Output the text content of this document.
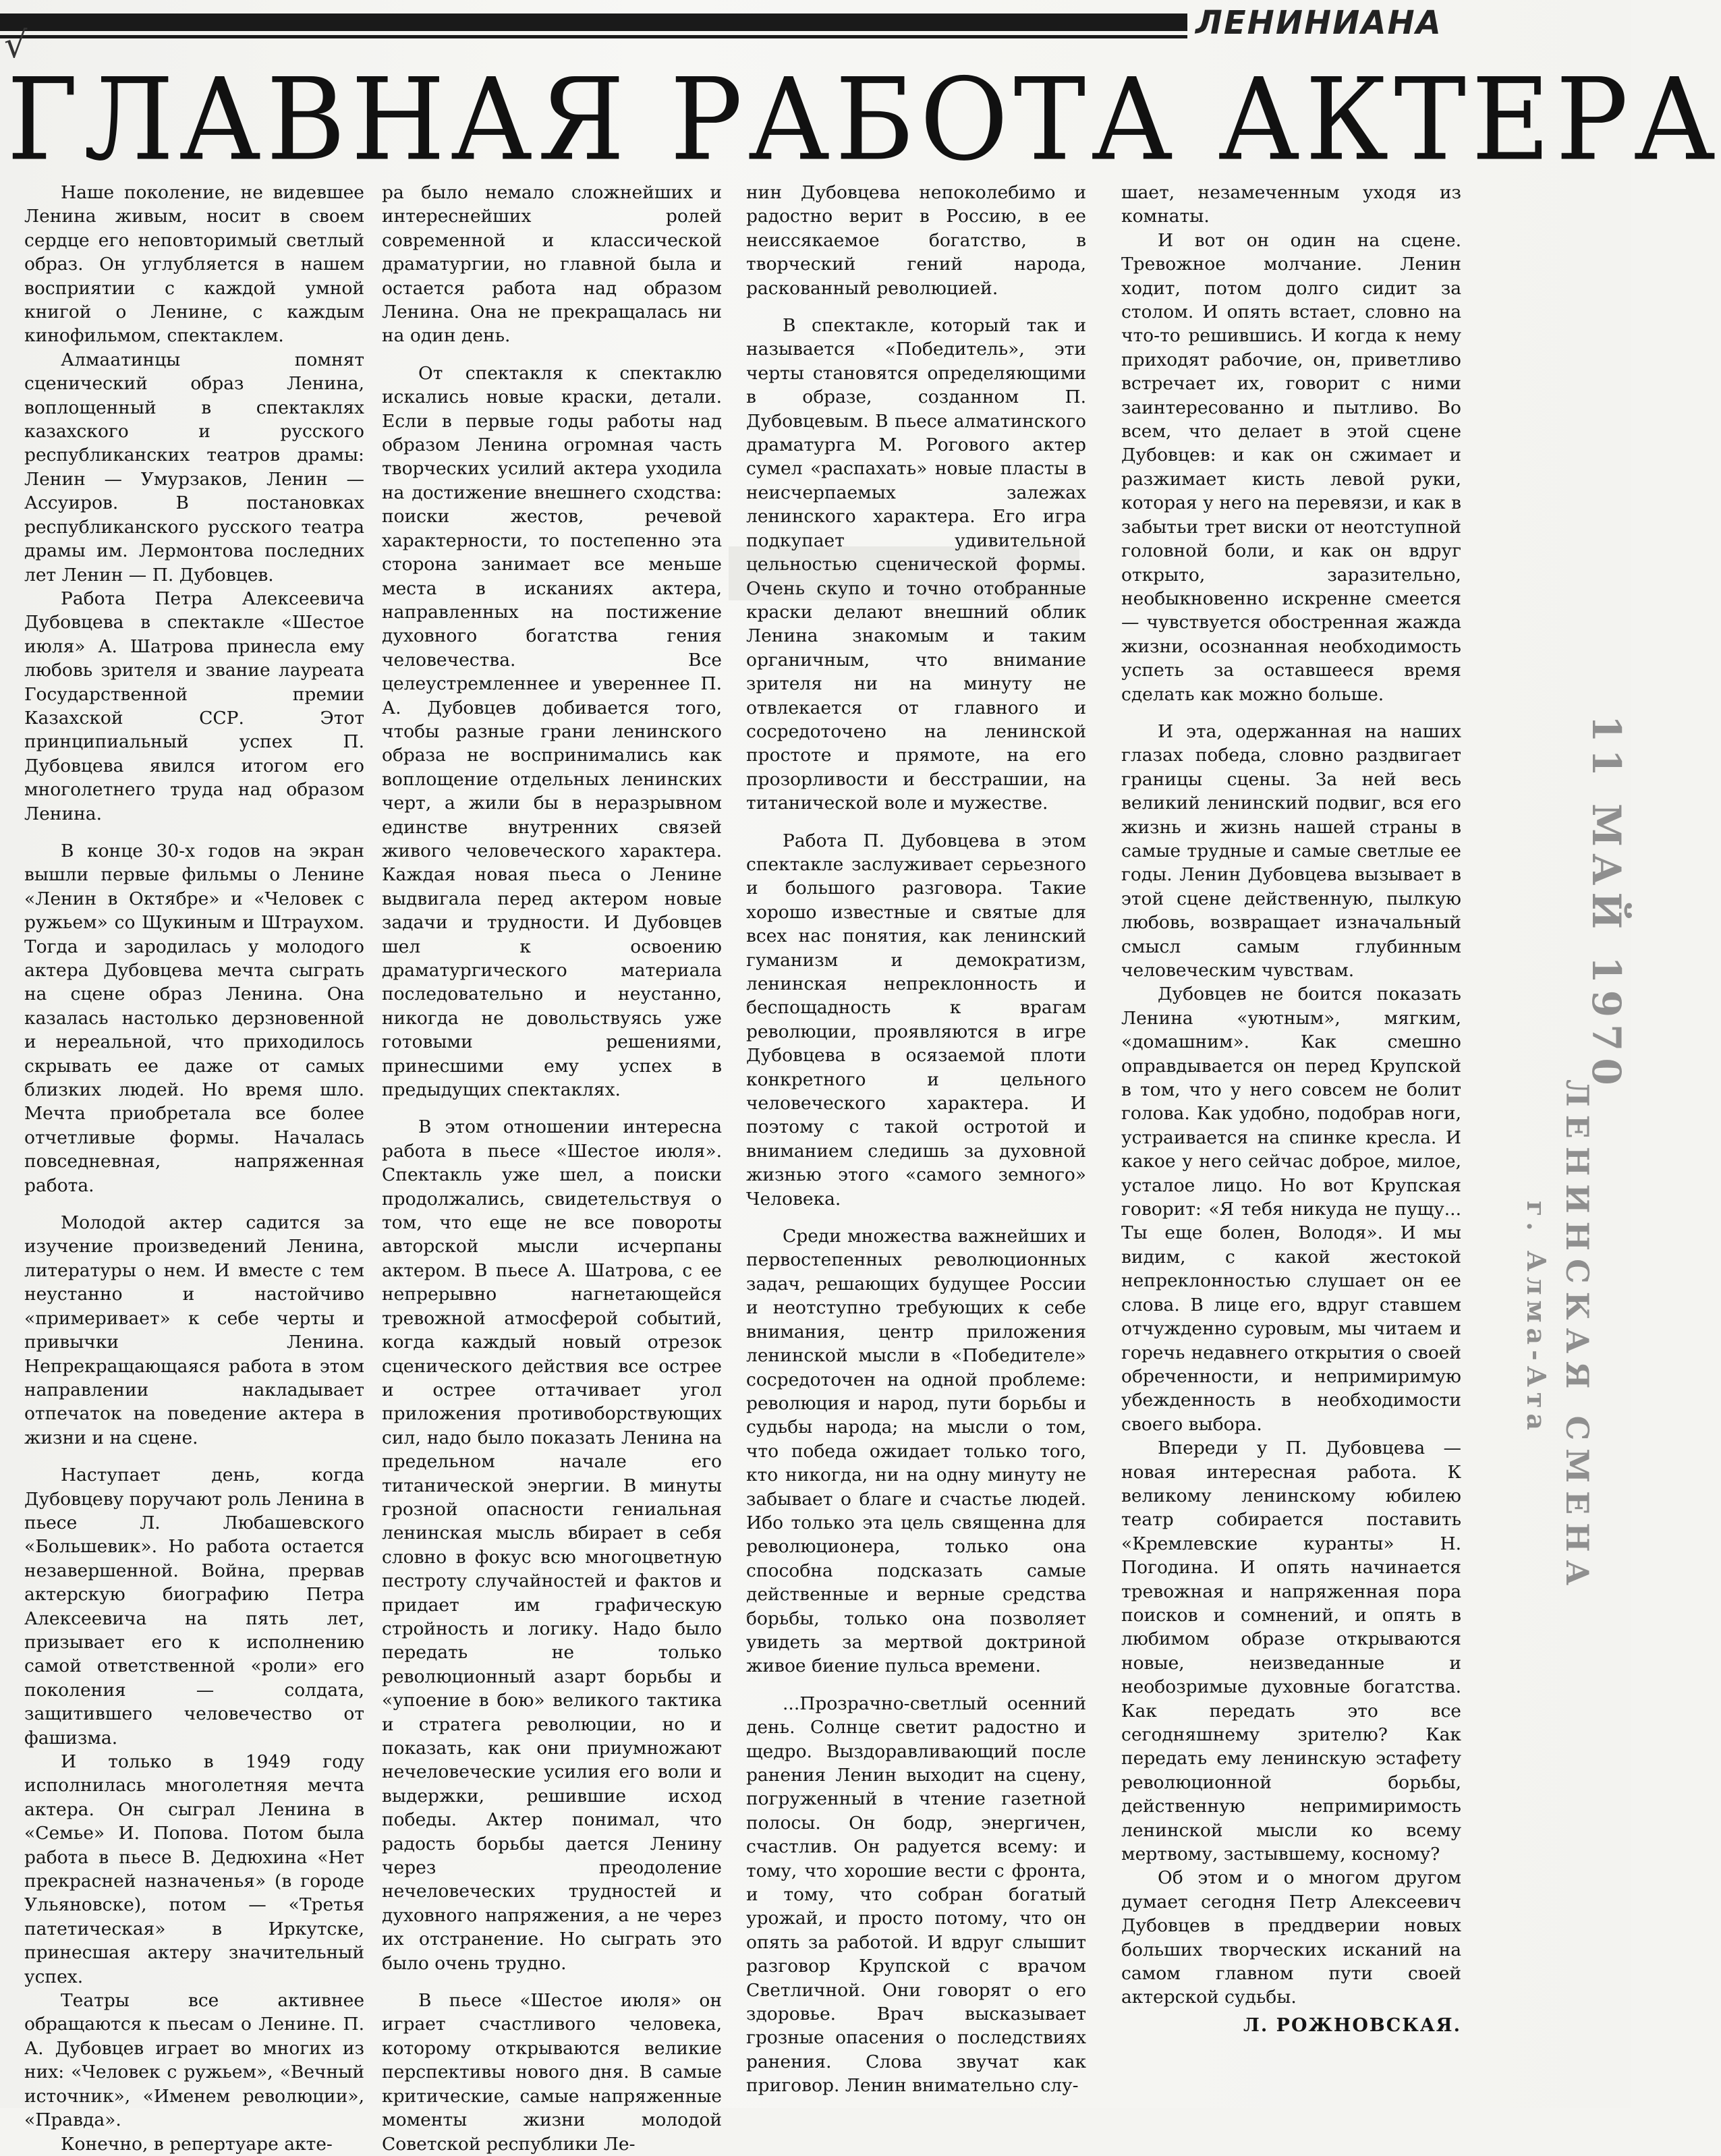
ЛЕНИНИАНА
√
ГЛАВНАЯ РАБОТА АКТЕРА

Наше поколение, не видевшее Ленина живым, носит в своем сердце его неповторимый светлый образ. Он углубляется в нашем восприятии с каждой умной книгой о Ленине, с каждым кинофильмом, спектаклем.

Алмаатинцы помнят сценический образ Ленина, воплощенный в спектаклях казахского и русского республиканских театров драмы: Ленин — Умурзаков, Ленин — Ассуиров. В постановках республиканского русского театра драмы им. Лермонтова последних лет Ленин — П. Дубовцев.

Работа Петра Алексеевича Дубовцева в спектакле «Шестое июля» А. Шатрова принесла ему любовь зрителя и звание лауреата Государственной премии Казахской ССР. Этот принципиальный успех П. Дубовцева явился итогом его многолетнего труда над образом Ленина.

В конце 30-х годов на экран вышли первые фильмы о Ленине «Ленин в Октябре» и «Человек с ружьем» со Щукиным и Штраухом. Тогда и зародилась у молодого актера Дубовцева мечта сыграть на сцене образ Ленина. Она казалась настолько дерзновенной и нереальной, что приходилось скрывать ее даже от самых близких людей. Но время шло. Мечта приобретала все более отчетливые формы. Началась повседневная, напряженная работа.

Молодой актер садится за изучение произведений Ленина, литературы о нем. И вместе с тем неустанно и настойчиво «примеривает» к себе черты и привычки Ленина. Непрекращающаяся работа в этом направлении накладывает отпечаток на поведение актера в жизни и на сцене.

Наступает день, когда Дубовцеву поручают роль Ленина в пьесе Л. Любашевского «Большевик». Но работа остается незавершенной. Война, прервав актерскую биографию Петра Алексеевича на пять лет, призывает его к исполнению самой ответственной «роли» его поколения — солдата, защитившего человечество от фашизма.

И только в 1949 году исполнилась многолетняя мечта актера. Он сыграл Ленина в «Семье» И. Попова. Потом была работа в пьесе В. Дедюхина «Нет прекрасней назначенья» (в городе Ульяновске), потом — «Третья патетическая» в Иркутске, принесшая актеру значительный успех.

Театры все активнее обращаются к пьесам о Ленине. П. А. Дубовцев играет во многих из них: «Человек с ружьем», «Вечный источник», «Именем революции», «Правда».

Конечно, в репертуаре акте-

ра было немало сложнейших и интереснейших ролей современной и классической драматургии, но главной была и остается работа над образом Ленина. Она не прекращалась ни на один день.

От спектакля к спектаклю искались новые краски, детали. Если в первые годы работы над образом Ленина огромная часть творческих усилий актера уходила на достижение внешнего сходства: поиски жестов, речевой характерности, то постепенно эта сторона занимает все меньше места в исканиях актера, направленных на постижение духовного богатства гения человечества. Все целеустремленнее и увереннее П. А. Дубовцев добивается того, чтобы разные грани ленинского образа не воспринимались как воплощение отдельных ленинских черт, а жили бы в неразрывном единстве внутренних связей живого человеческого характера. Каждая новая пьеса о Ленине выдвигала перед актером новые задачи и трудности. И Дубовцев шел к освоению драматургического материала последовательно и неустанно, никогда не довольствуясь уже готовыми решениями, принесшими ему успех в предыдущих спектаклях.

В этом отношении интересна работа в пьесе «Шестое июля». Спектакль уже шел, а поиски продолжались, свидетельствуя о том, что еще не все повороты авторской мысли исчерпаны актером. В пьесе А. Шатрова, с ее непрерывно нагнетающейся тревожной атмосферой событий, когда каждый новый отрезок сценического действия все острее и острее оттачивает угол приложения противоборствующих сил, надо было показать Ленина на предельном начале его титанической энергии. В минуты грозной опасности гениальная ленинская мысль вбирает в себя словно в фокус всю многоцветную пестроту случайностей и фактов и придает им графическую стройность и логику. Надо было передать не только революционный азарт борьбы и «упоение в бою» великого тактика и стратега революции, но и показать, как они приумножают нечеловеческие усилия его воли и выдержки, решившие исход победы. Актер понимал, что радость борьбы дается Ленину через преодоление нечеловеческих трудностей и духовного напряжения, а не через их отстранение. Но сыграть это было очень трудно.

В пьесе «Шестое июля» он играет счастливого человека, которому открываются великие перспективы нового дня. В самые критические, самые напряженные моменты жизни молодой Советской республики Ле-

нин Дубовцева непоколебимо и радостно верит в Россию, в ее неиссякаемое богатство, в творческий гений народа, раскованный революцией.

В спектакле, который так и называется «Победитель», эти черты становятся определяющими в образе, созданном П. Дубовцевым. В пьесе алматинского драматурга М. Рогового актер сумел «распахать» новые пласты в неисчерпаемых залежах ленинского характера. Его игра подкупает удивительной цельностью сценической формы. Очень скупо и точно отобранные краски делают внешний облик Ленина знакомым и таким органичным, что внимание зрителя ни на минуту не отвлекается от главного и сосредоточено на ленинской простоте и прямоте, на его прозорливости и бесстрашии, на титанической воле и мужестве.

Работа П. Дубовцева в этом спектакле заслуживает серьезного и большого разговора. Такие хорошо известные и святые для всех нас понятия, как ленинский гуманизм и демократизм, ленинская непреклонность и беспощадность к врагам революции, проявляются в игре Дубовцева в осязаемой плоти конкретного и цельного человеческого характера. И поэтому с такой остротой и вниманием следишь за духовной жизнью этого «самого земного» Человека.

Среди множества важнейших и первостепенных революционных задач, решающих будущее России и неотступно требующих к себе внимания, центр приложения ленинской мысли в «Победителе» сосредоточен на одной проблеме: революция и народ, пути борьбы и судьбы народа; на мысли о том, что победа ожидает только того, кто никогда, ни на одну минуту не забывает о благе и счастье людей. Ибо только эта цель священна для революционера, только она способна подсказать самые действенные и верные средства борьбы, только она позволяет увидеть за мертвой доктриной живое биение пульса времени.

...Прозрачно-светлый осенний день. Солнце светит радостно и щедро. Выздоравливающий после ранения Ленин выходит на сцену, погруженный в чтение газетной полосы. Он бодр, энергичен, счастлив. Он радуется всему: и тому, что хорошие вести с фронта, и тому, что собран богатый урожай, и просто потому, что он опять за работой. И вдруг слышит разговор Крупской с врачом Светличной. Они говорят о его здоровье. Врач высказывает грозные опасения о последствиях ранения. Слова звучат как приговор. Ленин внимательно слу-

шает, незамеченным уходя из комнаты.

И вот он один на сцене. Тревожное молчание. Ленин ходит, потом долго сидит за столом. И опять встает, словно на что-то решившись. И когда к нему приходят рабочие, он, приветливо встречает их, говорит с ними заинтересованно и пытливо. Во всем, что делает в этой сцене Дубовцев: и как он сжимает и разжимает кисть левой руки, которая у него на перевязи, и как в забытьи трет виски от неотступной головной боли, и как он вдруг открыто, заразительно, необыкновенно искренне смеется — чувствуется обостренная жажда жизни, осознанная необходимость успеть за оставшееся время сделать как можно больше.

И эта, одержанная на наших глазах победа, словно раздвигает границы сцены. За ней весь великий ленинский подвиг, вся его жизнь и жизнь нашей страны в самые трудные и самые светлые ее годы. Ленин Дубовцева вызывает в этой сцене действенную, пылкую любовь, возвращает изначальный смысл самым глубинным человеческим чувствам.

Дубовцев не боится показать Ленина «уютным», мягким, «домашним». Как смешно оправдывается он перед Крупской в том, что у него совсем не болит голова. Как удобно, подобрав ноги, устраивается на спинке кресла. И какое у него сейчас доброе, милое, усталое лицо. Но вот Крупская говорит: «Я тебя никуда не пущу... Ты еще болен, Володя». И мы видим, с какой жестокой непреклонностью слушает он ее слова. В лице его, вдруг ставшем отчужденно суровым, мы читаем и горечь недавнего открытия о своей обреченности, и непримиримую убежденность в необходимости своего выбора.

Впереди у П. Дубовцева — новая интересная работа. К великому ленинскому юбилею театр собирается поставить «Кремлевские куранты» Н. Погодина. И опять начинается тревожная и напряженная пора поисков и сомнений, и опять в любимом образе открываются новые, неизведанные и необозримые духовные богатства. Как передать это все сегодняшнему зрителю? Как передать ему ленинскую эстафету революционной борьбы, действенную непримиримость ленинской мысли ко всему мертвому, застывшему, косному?

Об этом и о многом другом думает сегодня Петр Алексеевич Дубовцев в преддверии новых больших творческих исканий на самом главном пути своей актерской судьбы.

Л. РОЖНОВСКАЯ.
11 МАЙ 1970
ЛЕНИНСКАЯ СМЕНА
г. Алма-Ата
